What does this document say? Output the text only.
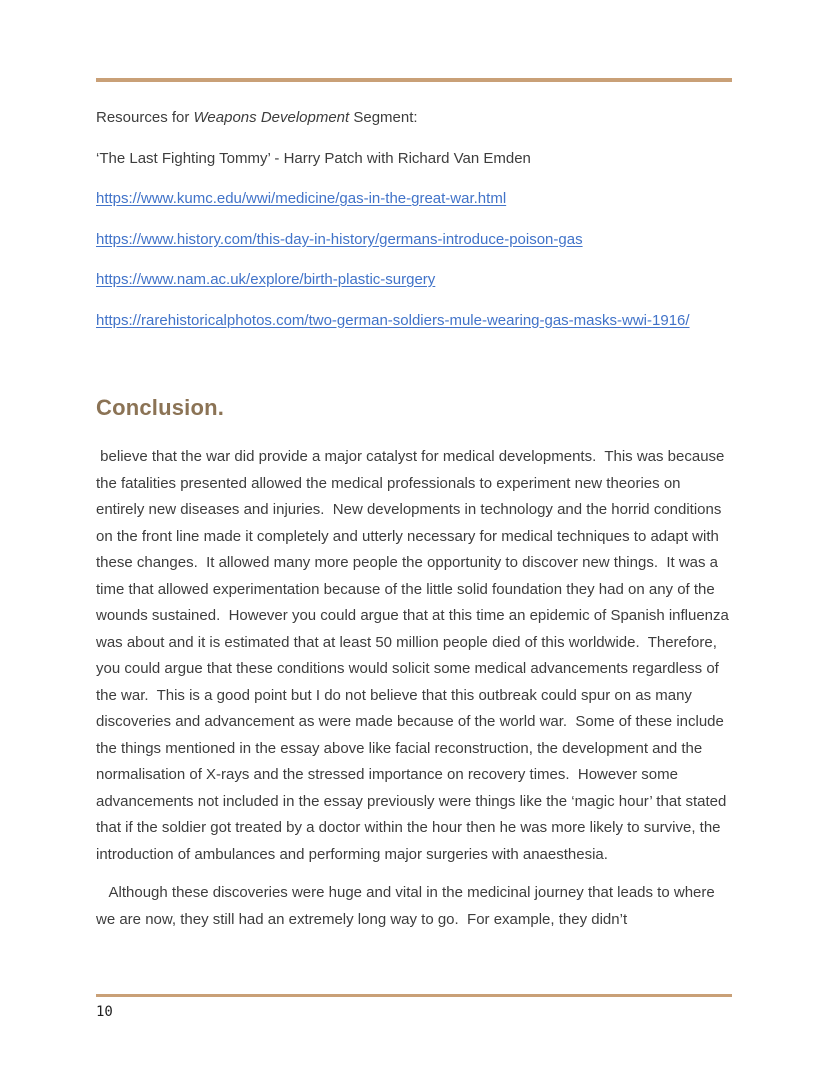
Resources for Weapons Development Segment:

‘The Last Fighting Tommy’ - Harry Patch with Richard Van Emden

https://www.kumc.edu/wwi/medicine/gas-in-the-great-war.html

https://www.history.com/this-day-in-history/germans-introduce-poison-gas

https://www.nam.ac.uk/explore/birth-plastic-surgery

https://rarehistoricalphotos.com/two-german-soldiers-mule-wearing-gas-masks-wwi-1916/

Conclusion.

believe that the war did provide a major catalyst for medical developments.  This was because the fatalities presented allowed the medical professionals to experiment new theories on entirely new diseases and injuries.  New developments in technology and the horrid conditions on the front line made it completely and utterly necessary for medical techniques to adapt with these changes.  It allowed many more people the opportunity to discover new things.  It was a time that allowed experimentation because of the little solid foundation they had on any of the wounds sustained.  However you could argue that at this time an epidemic of Spanish influenza was about and it is estimated that at least 50 million people died of this worldwide.  Therefore, you could argue that these conditions would solicit some medical advancements regardless of the war.  This is a good point but I do not believe that this outbreak could spur on as many discoveries and advancement as were made because of the world war.  Some of these include the things mentioned in the essay above like facial reconstruction, the development and the normalisation of X-rays and the stressed importance on recovery times.  However some advancements not included in the essay previously were things like the ‘magic hour’ that stated that if the soldier got treated by a doctor within the hour then he was more likely to survive, the introduction of ambulances and performing major surgeries with anaesthesia.

Although these discoveries were huge and vital in the medicinal journey that leads to where we are now, they still had an extremely long way to go.  For example, they didn’t

10
